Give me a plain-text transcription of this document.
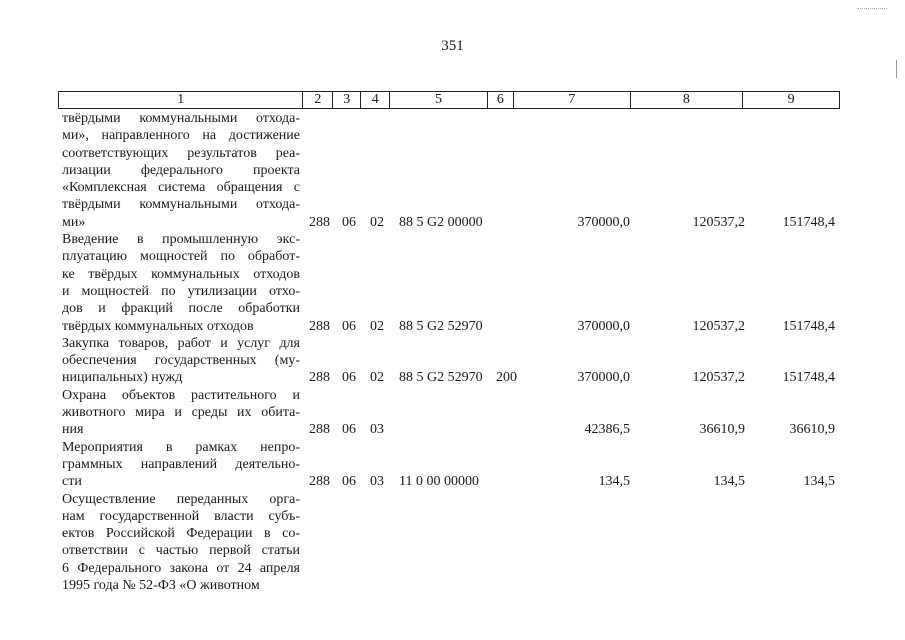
351
1	2	3	4	5	6	7	8	9
твёрдыми коммунальными отхода-
ми», направленного на достижение
соответствующих результатов реа-
лизации федерального проекта
«Комплексная система обращения с
твёрдыми коммунальными отхода-
ми»	288 06 02 88 5 G2 00000	370000,0	120537,2	151748,4
Введение в промышленную экс-
плуатацию мощностей по обработ-
ке твёрдых коммунальных отходов
и мощностей по утилизации отхо-
дов и фракций после обработки
твёрдых коммунальных отходов	288 06 02 88 5 G2 52970	370000,0	120537,2	151748,4
Закупка товаров, работ и услуг для
обеспечения государственных (му-
ниципальных) нужд	288 06 02 88 5 G2 52970 200	370000,0	120537,2	151748,4
Охрана объектов растительного и
животного мира и среды их обита-
ния	288 06 03	42386,5	36610,9	36610,9
Мероприятия в рамках непро-
граммных направлений деятельно-
сти	288 06 03 11 0 00 00000	134,5	134,5	134,5
Осуществление переданных орга-
нам государственной власти субъ-
ектов Российской Федерации в со-
ответствии с частью первой статьи
6 Федерального закона от 24 апреля
1995 года № 52-ФЗ «О животном
